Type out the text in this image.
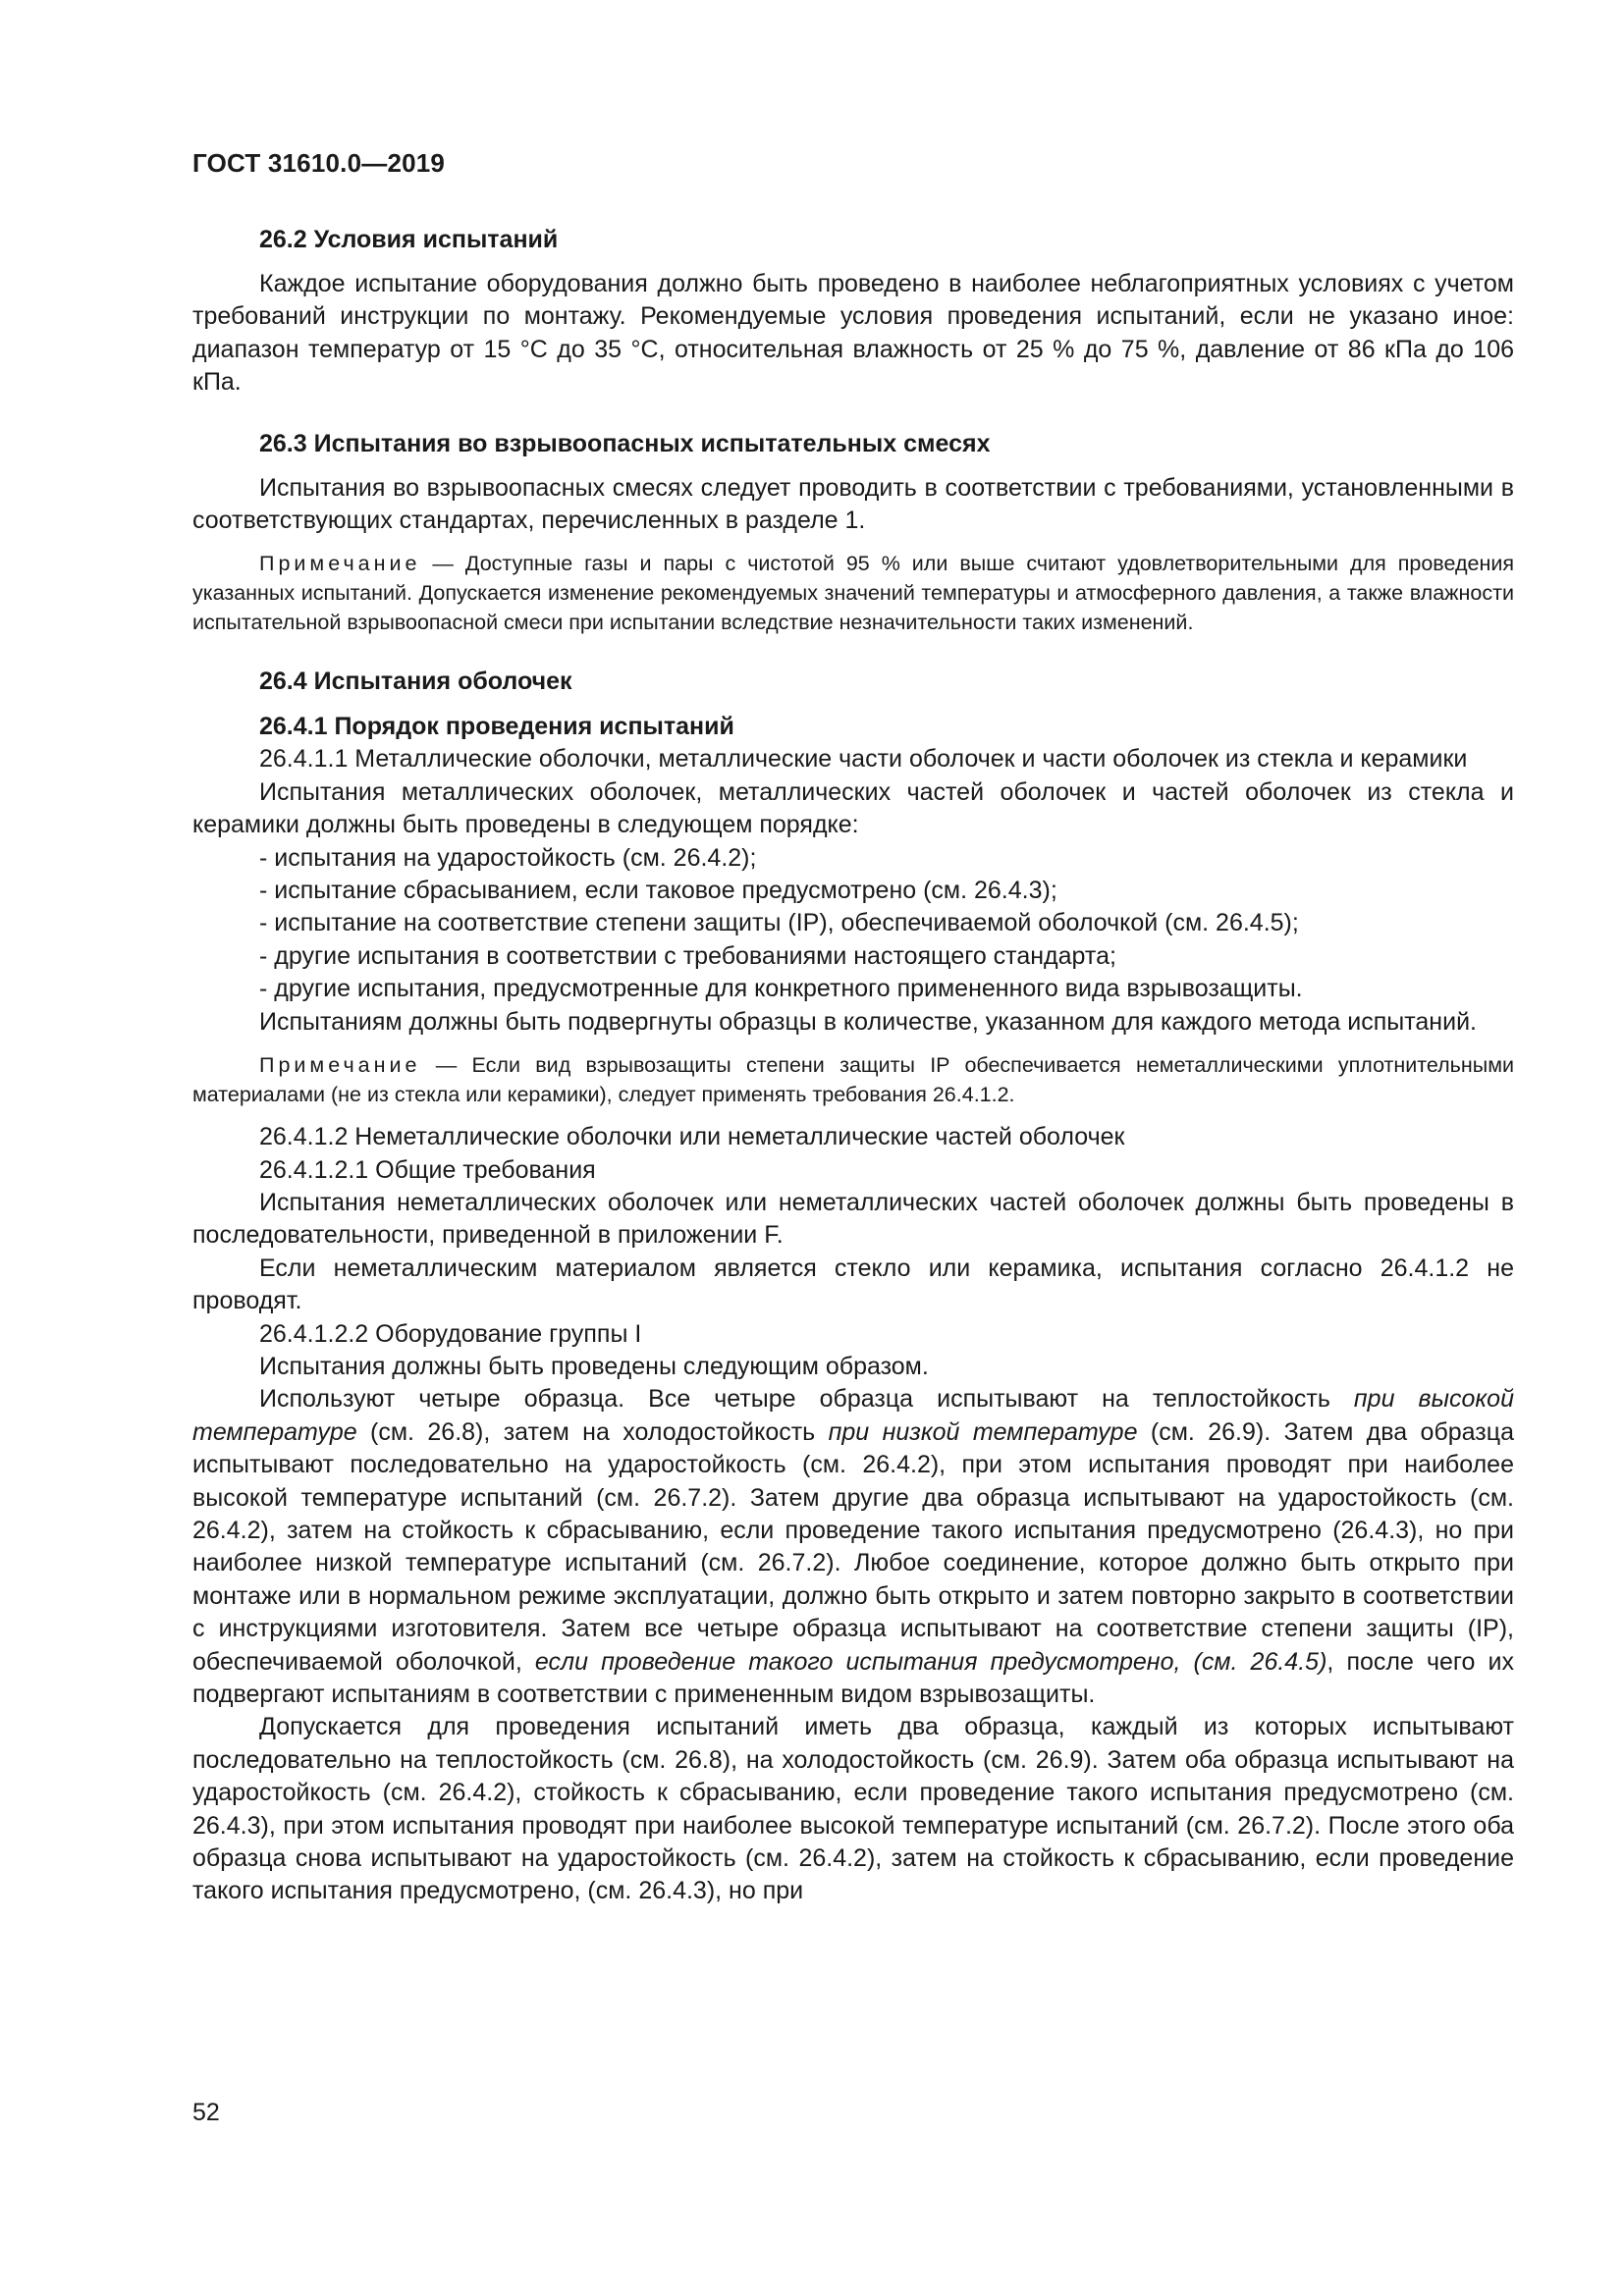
ГОСТ 31610.0—2019
26.2 Условия испытаний

Каждое испытание оборудования должно быть проведено в наиболее неблагоприятных условиях с учетом требований инструкции по монтажу. Рекомендуемые условия проведения испытаний, если не указано иное: диапазон температур от 15 °С до 35 °С, относительная влажность от 25 % до 75 %, давление от 86 кПа до 106 кПа.

26.3 Испытания во взрывоопасных испытательных смесях

Испытания во взрывоопасных смесях следует проводить в соответствии с требованиями, установленными в соответствующих стандартах, перечисленных в разделе 1.

Примечание — Доступные газы и пары с чистотой 95 % или выше считают удовлетворительными для проведения указанных испытаний. Допускается изменение рекомендуемых значений температуры и атмосферного давления, а также влажности испытательной взрывоопасной смеси при испытании вследствие незначительности таких изменений.

26.4 Испытания оболочек
26.4.1 Порядок проведения испытаний

26.4.1.1 Металлические оболочки, металлические части оболочек и части оболочек из стекла и керамики

Испытания металлических оболочек, металлических частей оболочек и частей оболочек из стекла и керамики должны быть проведены в следующем порядке:

- испытания на ударостойкость (см. 26.4.2);

- испытание сбрасыванием, если таковое предусмотрено (см. 26.4.3);

- испытание на соответствие степени защиты (IP), обеспечиваемой оболочкой (см. 26.4.5);

- другие испытания в соответствии с требованиями настоящего стандарта;

- другие испытания, предусмотренные для конкретного примененного вида взрывозащиты.

Испытаниям должны быть подвергнуты образцы в количестве, указанном для каждого метода испытаний.

Примечание — Если вид взрывозащиты степени защиты IP обеспечивается неметаллическими уплотнительными материалами (не из стекла или керамики), следует применять требования 26.4.1.2.

26.4.1.2 Неметаллические оболочки или неметаллические частей оболочек

26.4.1.2.1 Общие требования

Испытания неметаллических оболочек или неметаллических частей оболочек должны быть проведены в последовательности, приведенной в приложении F.

Если неметаллическим материалом является стекло или керамика, испытания согласно 26.4.1.2 не проводят.

26.4.1.2.2 Оборудование группы I

Испытания должны быть проведены следующим образом.

Используют четыре образца. Все четыре образца испытывают на теплостойкость при высокой температуре (см. 26.8), затем на холодостойкость при низкой температуре (см. 26.9). Затем два образца испытывают последовательно на ударостойкость (см. 26.4.2), при этом испытания проводят при наиболее высокой температуре испытаний (см. 26.7.2). Затем другие два образца испытывают на ударостойкость (см. 26.4.2), затем на стойкость к сбрасыванию, если проведение такого испытания предусмотрено (26.4.3), но при наиболее низкой температуре испытаний (см. 26.7.2). Любое соединение, которое должно быть открыто при монтаже или в нормальном режиме эксплуатации, должно быть открыто и затем повторно закрыто в соответствии с инструкциями изготовителя. Затем все четыре образца испытывают на соответствие степени защиты (IP), обеспечиваемой оболочкой, если проведение такого испытания предусмотрено, (см. 26.4.5), после чего их подвергают испытаниям в соответствии с примененным видом взрывозащиты.

Допускается для проведения испытаний иметь два образца, каждый из которых испытывают последовательно на теплостойкость (см. 26.8), на холодостойкость (см. 26.9). Затем оба образца испытывают на ударостойкость (см. 26.4.2), стойкость к сбрасыванию, если проведение такого испытания предусмотрено (см. 26.4.3), при этом испытания проводят при наиболее высокой температуре испытаний (см. 26.7.2). После этого оба образца снова испытывают на ударостойкость (см. 26.4.2), затем на стойкость к сбрасыванию, если проведение такого испытания предусмотрено, (см. 26.4.3), но при

52
